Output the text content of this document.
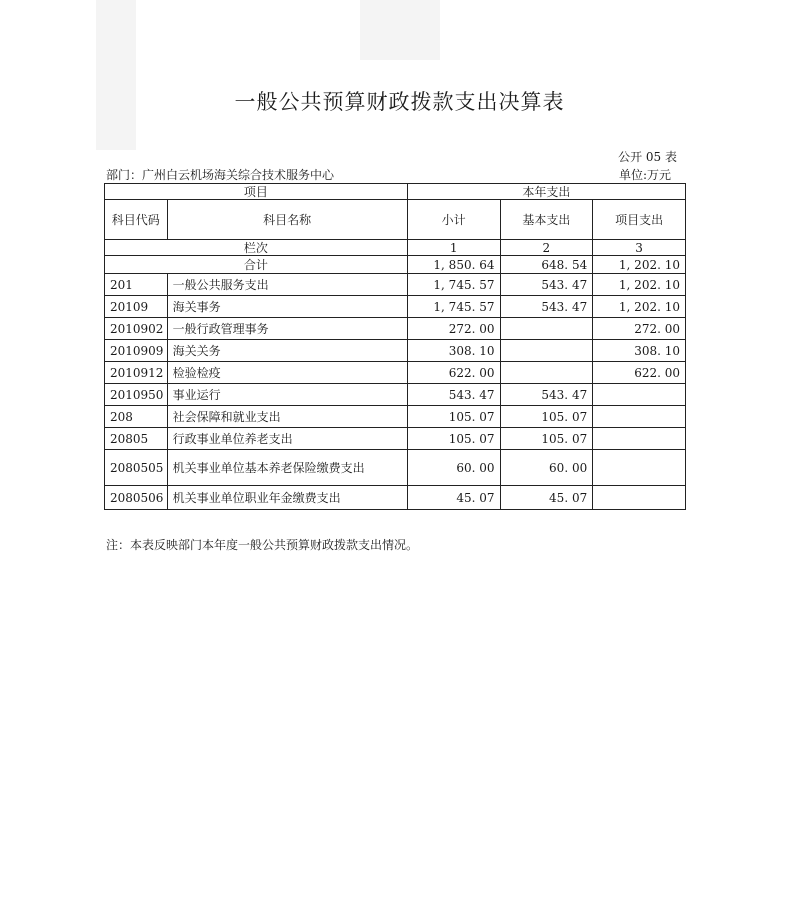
一般公共预算财政拨款支出决算表
公开 05 表
部门：广州白云机场海关综合技术服务中心	单位:万元
项目		本年支出		
科目代码	科目名称	小计	基本支出	项目支出
栏次		1	2	3
合计		1, 850. 64	648. 54	1, 202. 10
201	一般公共服务支出	1, 745. 57	543. 47	1, 202. 10
20109	海关事务	1, 745. 57	543. 47	1, 202. 10
2010902	一般行政管理事务	272. 00		272. 00
2010909	海关关务	308. 10		308. 10
2010912	检验检疫	622. 00		622. 00
2010950	事业运行	543. 47	543. 47	
208	社会保障和就业支出	105. 07	105. 07	
20805	行政事业单位养老支出	105. 07	105. 07	
2080505	机关事业单位基本养老保险缴费支出	60. 00	60. 00	
2080506	机关事业单位职业年金缴费支出	45. 07	45. 07	
注：本表反映部门本年度一般公共预算财政拨款支出情况。
